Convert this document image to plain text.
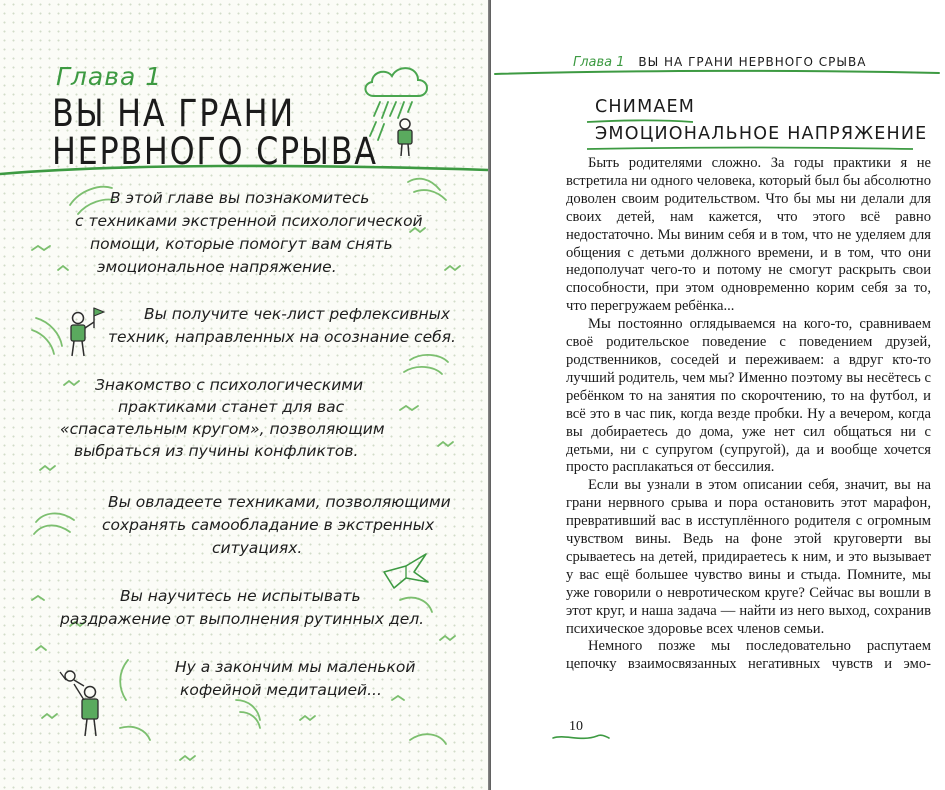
Глава 1
ВЫ НА ГРАНИ
НЕРВНОГО СРЫВА
В этой главе вы познакомитесь
с техниками экстренной психологической
помощи, которые помогут вам снять
эмоциональное напряжение.
Вы получите чек-лист рефлексивных
техник, направленных на осознание себя.
Знакомство с психологическими
практиками станет для вас
«спасательным кругом», позволяющим
выбраться из пучины конфликтов.
Вы овладеете техниками, позволяющими
сохранять самообладание в экстренных
ситуациях.
Вы научитесь не испытывать
раздражение от выполнения рутинных дел.
Ну а закончим мы маленькой
кофейной медитацией...
Глава 1 ВЫ НА ГРАНИ НЕРВНОГО СРЫВА
СНИМАЕМ
ЭМОЦИОНАЛЬНОЕ НАПРЯЖЕНИЕ

Быть родителями сложно. За годы практики я не встретила ни одного человека, который был бы абсолютно доволен своим родительством. Что бы мы ни делали для своих детей, нам кажется, что этого всё равно недостаточно. Мы виним себя и в том, что не уделяем для общения с детьми должного времени, и в том, что они недополучат чего-то и потому не смогут раскрыть свои способности, при этом одновременно корим себя за то, что перегружаем ребёнка...

Мы постоянно оглядываемся на кого-то, сравниваем своё родительское поведение с поведением друзей, родственников, соседей и переживаем: а вдруг кто-то лучший родитель, чем мы? Именно поэтому вы несётесь с ребёнком то на занятия по скорочтению, то на футбол, и всё это в час пик, когда везде пробки. Ну а вечером, когда вы добираетесь до дома, уже нет сил общаться ни с детьми, ни с супругом (супругой), да и вообще хочется просто расплакаться от бессилия.

Если вы узнали в этом описании себя, значит, вы на грани нервного срыва и пора остановить этот марафон, превративший вас в исступлённого родителя с огромным чувством вины. Ведь на фоне этой круговерти вы срываетесь на детей, придираетесь к ним, и это вызывает у вас ещё большее чувство вины и стыда. Помните, мы уже говорили о невротическом круге? Сейчас вы вошли в этот круг, и наша задача — найти из него выход, сохранив психическое здоровье всех членов семьи.

Немного позже мы последовательно распутаем цепочку взаимосвязанных негативных чувств и эмо-

10
